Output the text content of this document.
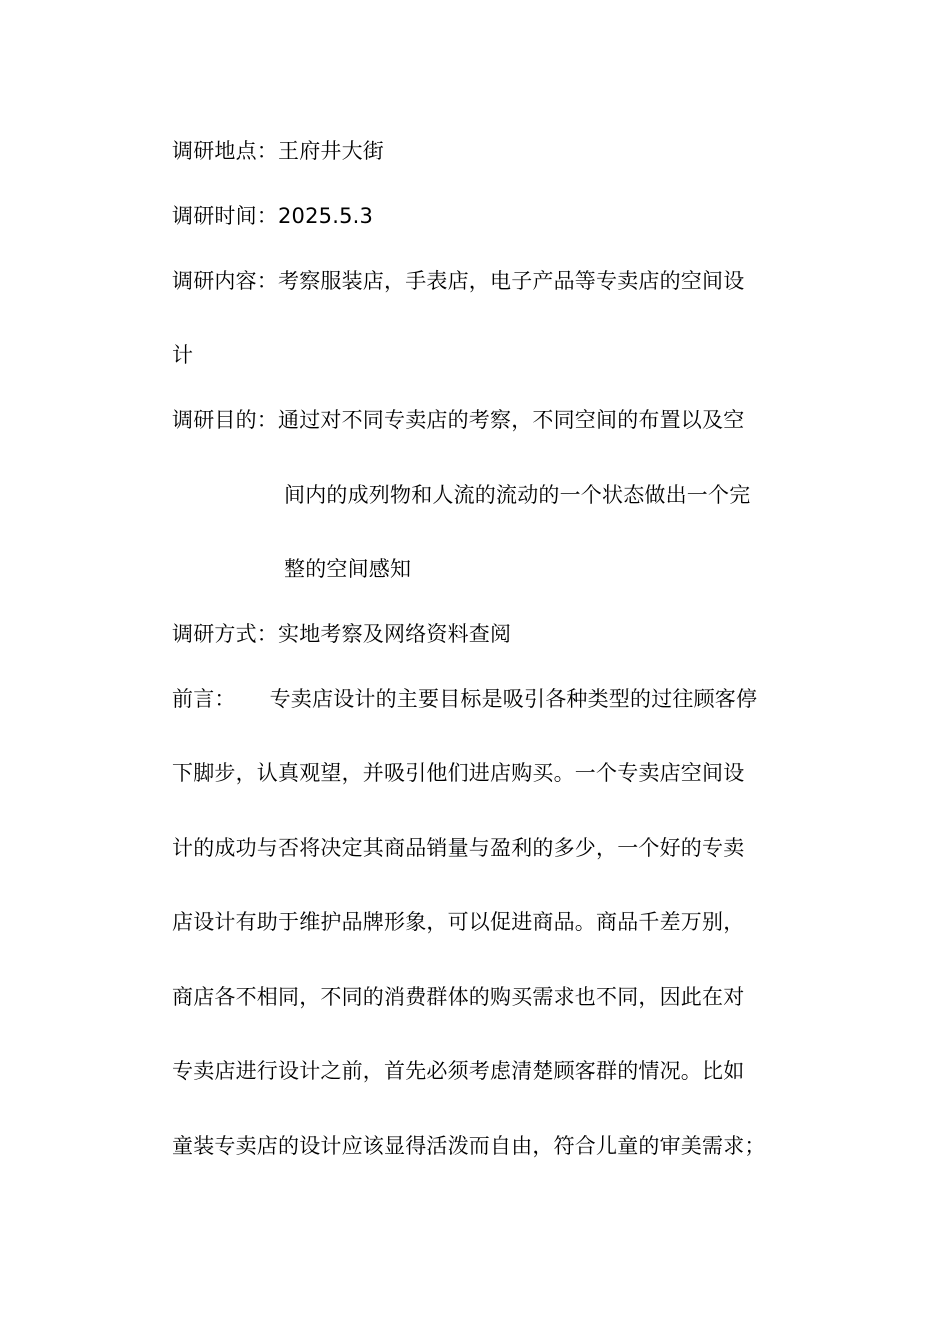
调研地点：王府井大街
调研时间：2025.5.3
调研内容：考察服装店，手表店，电子产品等专卖店的空间设
计
调研目的：通过对不同专卖店的考察，不同空间的布置以及空
间内的成列物和人流的流动的一个状态做出一个完
整的空间感知
调研方式：实地考察及网络资料查阅
前言： 专卖店设计的主要目标是吸引各种类型的过往顾客停
下脚步，认真观望，并吸引他们进店购买。一个专卖店空间设
计的成功与否将决定其商品销量与盈利的多少，一个好的专卖
店设计有助于维护品牌形象，可以促进商品。商品千差万别，
商店各不相同，不同的消费群体的购买需求也不同，因此在对
专卖店进行设计之前，首先必须考虑清楚顾客群的情况。比如
童装专卖店的设计应该显得活泼而自由，符合儿童的审美需求；
